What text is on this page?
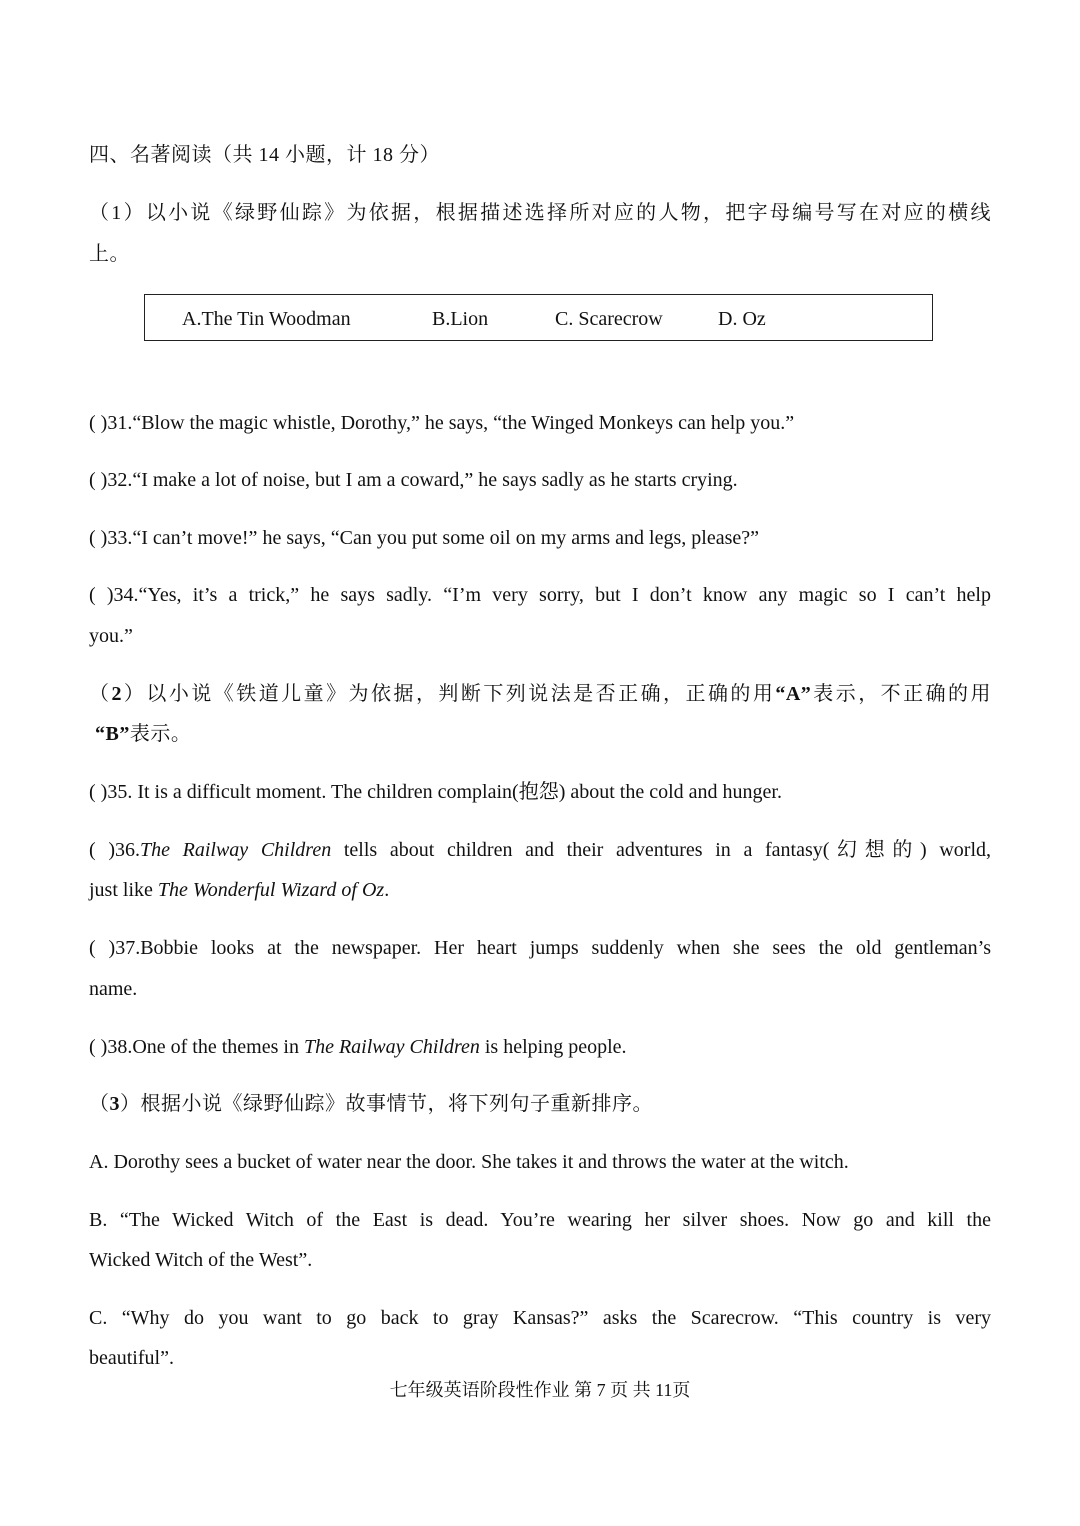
四、名著阅读（共 14 小题，计 18 分）
（1）以小说《绿野仙踪》为依据，根据描述选择所对应的人物，把字母编号写在对应的横线
上。
A.The Tin Woodman	B.Lion	C. Scarecrow	D. Oz
( )31.“Blow the magic whistle, Dorothy,” he says, “the Winged Monkeys can help you.”
( )32.“I make a lot of noise, but I am a coward,” he says sadly as he starts crying.
( )33.“I can’t move!” he says, “Can you put some oil on my arms and legs, please?”
( )34.“Yes, it’s a trick,” he says sadly. “I’m very sorry, but I don’t know any magic so I can’t help
you.”
（2）以小说《铁道儿童》为依据，判断下列说法是否正确，正确的用“A”表示，不正确的用
“B”表示。
( )35. It is a difficult moment. The children complain(抱怨) about the cold and hunger.
( )36.The Railway Children tells about children and their adventures in a fantasy(幻想的) world,
just like The Wonderful Wizard of Oz.
( )37.Bobbie looks at the newspaper. Her heart jumps suddenly when she sees the old gentleman’s
name.
( )38.One of the themes in The Railway Children is helping people.
（3）根据小说《绿野仙踪》故事情节，将下列句子重新排序。
A. Dorothy sees a bucket of water near the door. She takes it and throws the water at the witch.
B. “The Wicked Witch of the East is dead. You’re wearing her silver shoes. Now go and kill the
Wicked Witch of the West”.
C. “Why do you want to go back to gray Kansas?” asks the Scarecrow. “This country is very
beautiful”.
七年级英语阶段性作业 第 7 页 共 11页
